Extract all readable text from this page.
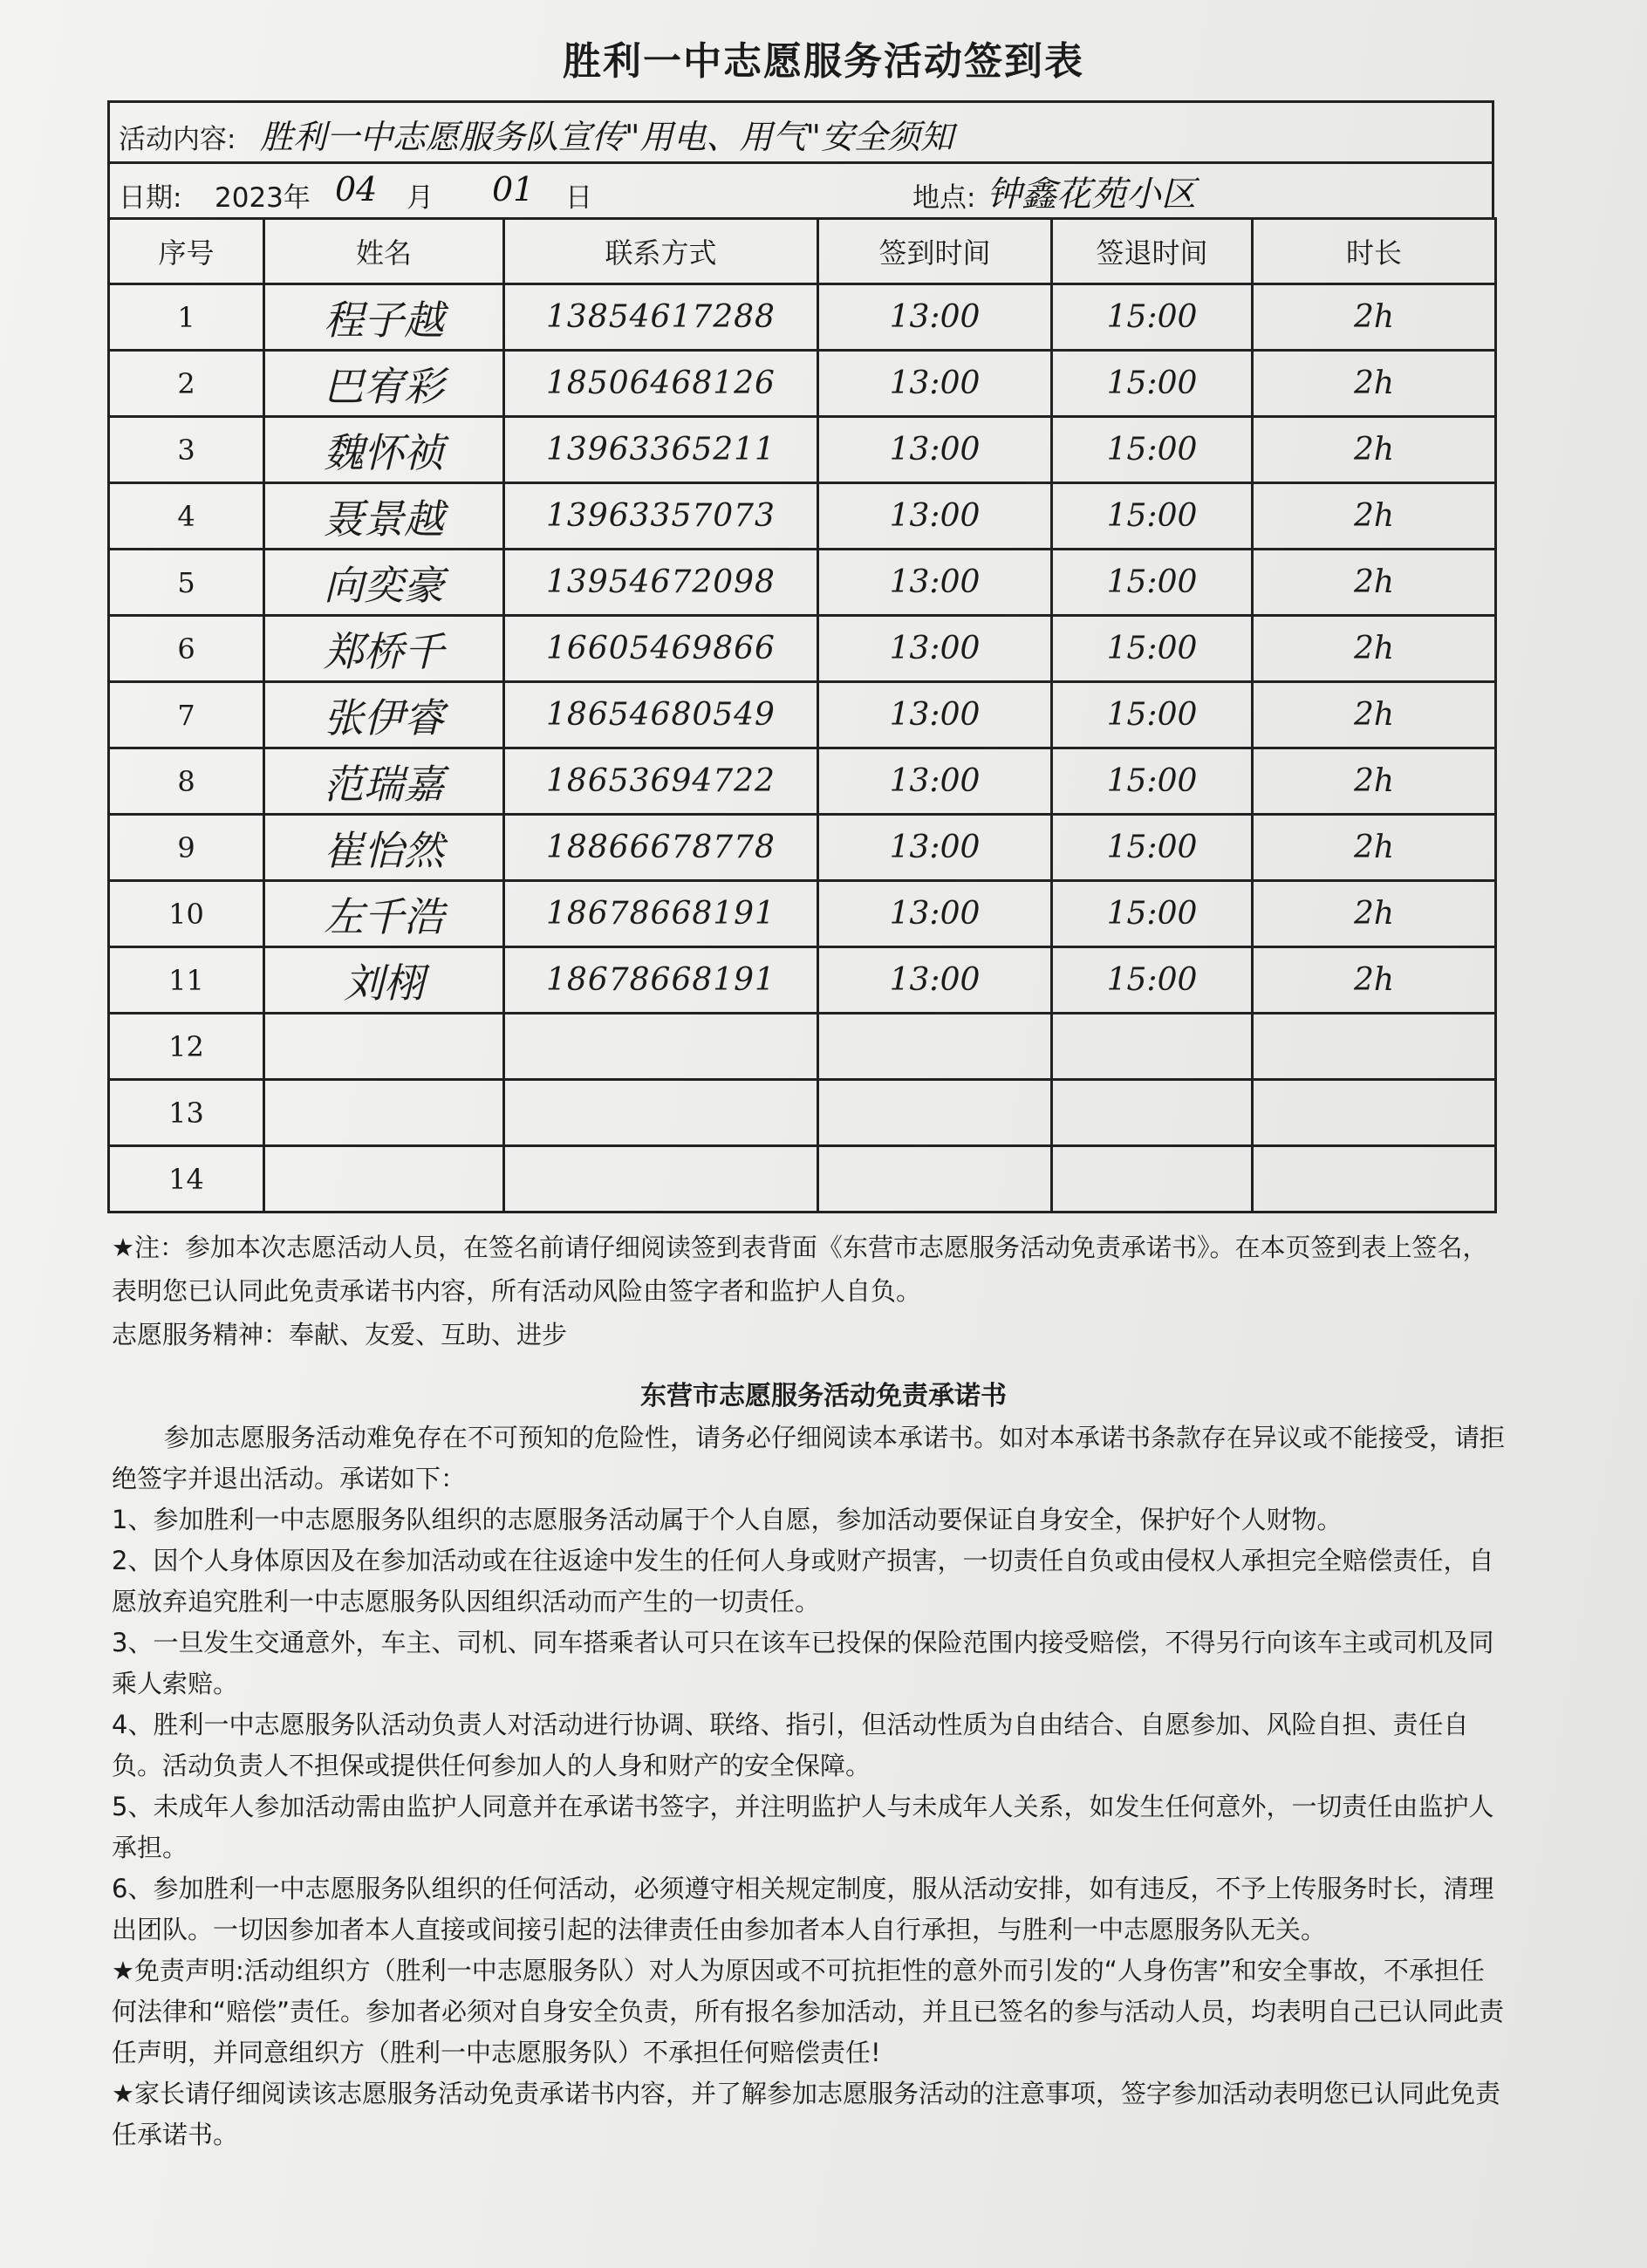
胜利一中志愿服务活动签到表
活动内容: 胜利一中志愿服务队宣传"用电、用气"安全须知
日期: 2023年 04 月 01 日	地点: 钟鑫花苑小区
序号	姓名	联系方式	签到时间	签退时间	时长
1	程子越	13854617288	13:00	15:00	2h
2	巴宥彩	18506468126	13:00	15:00	2h
3	魏怀祯	13963365211	13:00	15:00	2h
4	聂景越	13963357073	13:00	15:00	2h
5	向奕豪	13954672098	13:00	15:00	2h
6	郑桥千	16605469866	13:00	15:00	2h
7	张伊睿	18654680549	13:00	15:00	2h
8	范瑞嘉	18653694722	13:00	15:00	2h
9	崔怡然	18866678778	13:00	15:00	2h
10	左千浩	18678668191	13:00	15:00	2h
11	刘栩	18678668191	13:00	15:00	2h
12					
13					
14					

★注：参加本次志愿活动人员，在签名前请仔细阅读签到表背面《东营市志愿服务活动免责承诺书》。在本页签到表上签名，表明您已认同此免责承诺书内容，所有活动风险由签字者和监护人自负。

志愿服务精神：奉献、友爱、互助、进步

东营市志愿服务活动免责承诺书

参加志愿服务活动难免存在不可预知的危险性，请务必仔细阅读本承诺书。如对本承诺书条款存在异议或不能接受，请拒绝签字并退出活动。承诺如下：

1、参加胜利一中志愿服务队组织的志愿服务活动属于个人自愿，参加活动要保证自身安全，保护好个人财物。

2、因个人身体原因及在参加活动或在往返途中发生的任何人身或财产损害，一切责任自负或由侵权人承担完全赔偿责任，自愿放弃追究胜利一中志愿服务队因组织活动而产生的一切责任。

3、一旦发生交通意外，车主、司机、同车搭乘者认可只在该车已投保的保险范围内接受赔偿，不得另行向该车主或司机及同乘人索赔。

4、胜利一中志愿服务队活动负责人对活动进行协调、联络、指引，但活动性质为自由结合、自愿参加、风险自担、责任自负。活动负责人不担保或提供任何参加人的人身和财产的安全保障。

5、未成年人参加活动需由监护人同意并在承诺书签字，并注明监护人与未成年人关系，如发生任何意外，一切责任由监护人承担。

6、参加胜利一中志愿服务队组织的任何活动，必须遵守相关规定制度，服从活动安排，如有违反，不予上传服务时长，清理出团队。一切因参加者本人直接或间接引起的法律责任由参加者本人自行承担，与胜利一中志愿服务队无关。

★免责声明:活动组织方（胜利一中志愿服务队）对人为原因或不可抗拒性的意外而引发的“人身伤害”和安全事故，不承担任何法律和“赔偿”责任。参加者必须对自身安全负责，所有报名参加活动，并且已签名的参与活动人员，均表明自己已认同此责任声明，并同意组织方（胜利一中志愿服务队）不承担任何赔偿责任!

★家长请仔细阅读该志愿服务活动免责承诺书内容，并了解参加志愿服务活动的注意事项，签字参加活动表明您已认同此免责任承诺书。
